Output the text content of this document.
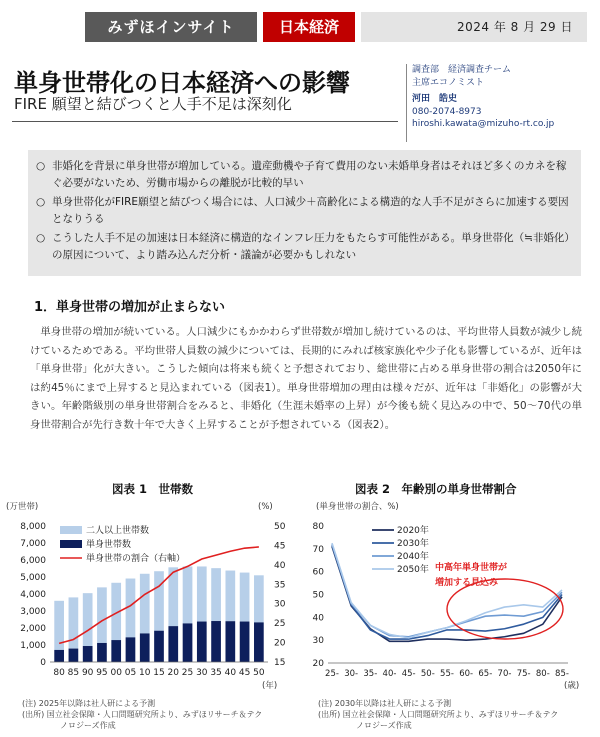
みずほインサイト	日本経済	2024 年 8 月 29 日
単身世帯化の日本経済への影響
FIRE 願望と結びつくと人手不足は深刻化
調査部　経済調査チーム
主席エコノミスト
河田　皓史
080-2074-8973
hiroshi.kawata@mizuho-rt.co.jp
○ 非婚化を背景に単身世帯が増加している。遺産動機や子育て費用のない未婚単身者はそれほど多くのカネを稼ぐ必要がないため、労働市場からの離脱が比較的早い
○ 単身世帯化がFIRE願望と結びつく場合には、人口減少＋高齢化による構造的な人手不足がさらに加速する要因となりうる
○ こうした人手不足の加速は日本経済に構造的なインフレ圧力をもたらす可能性がある。単身世帯化（≒非婚化）の原因について、より踏み込んだ分析・議論が必要かもしれない
1．単身世帯の増加が止まらない
単身世帯の増加が続いている。人口減少にもかかわらず世帯数が増加し続けているのは、平均世帯人員数が減少し続けているためである。平均世帯人員数の減少については、長期的にみれば核家族化や少子化も影響しているが、近年は「単身世帯」化が大きい。こうした傾向は将来も続くと予想されており、総世帯に占める単身世帯の割合は2050年には約45％にまで上昇すると見込まれている（図表1）。単身世帯増加の理由は様々だが、近年は「非婚化」の影響が大きい。年齢階級別の単身世帯割合をみると、非婚化（生涯未婚率の上昇）が今後も続く見込みの中で、50～70代の単身世帯割合が先行き数十年で大きく上昇することが予想されている（図表2）。
図表 1　世帯数
(万世帯)	(%)
0
1,000
2,000
3,000
4,000
5,000
6,000
7,000
8,000
15
20
25
30
35
40
45
50
80 85 90 95 00 05 10 15 20 25 30 35 40 45 50
(年)
二人以上世帯数
単身世帯数
単身世帯の割合（右軸）
(注) 2025年以降は社人研による予測
(出所) 国立社会保障・人口問題研究所より、みずほリサーチ＆テク
ノロジーズ作成
図表 2　年齢別の単身世帯割合
(単身世帯の割合、%)
20
30
40
50
60
70
80
25- 30- 35- 40- 45- 50- 55- 60- 65- 70- 75- 80- 85-
(歳)
2020年
2030年
2040年
2050年 中高年単身世帯が
増加する見込み
(注) 2030年以降は社人研による予測
(出所) 国立社会保障・人口問題研究所より、みずほリサーチ＆テク
ノロジーズ作成
